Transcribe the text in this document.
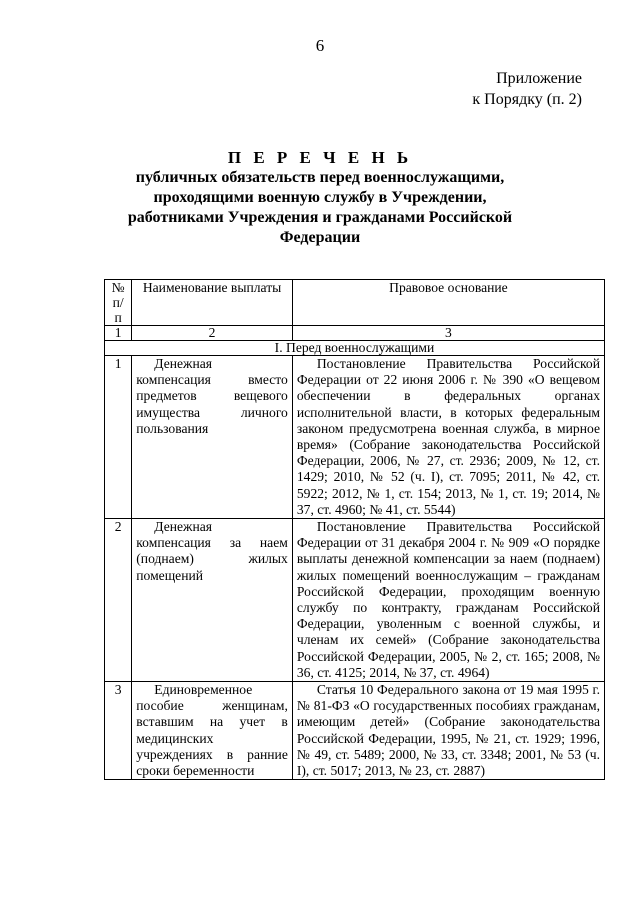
6
Приложение
к Порядку (п. 2)
П Е Р Е Ч Е Н Ь
публичных обязательств перед военнослужащими, проходящими военную службу в Учреждении, работниками Учреждения и гражданами Российской Федерации
№ п/п	Наименование выплаты	Правовое основание
1	2	3
I. Перед военнослужащими		
1	Денежная компенсация вместо предметов вещевого имущества личного пользования	Постановление Правительства Российской Федерации от 22 июня 2006 г. № 390 «О вещевом обеспечении в федеральных органах исполнительной власти, в которых федеральным законом предусмотрена военная служба, в мирное время» (Собрание законодательства Российской Федерации, 2006, № 27, ст. 2936; 2009, № 12, ст. 1429; 2010, № 52 (ч. I), ст. 7095; 2011, № 42, ст. 5922; 2012, № 1, ст. 154; 2013, № 1, ст. 19; 2014, № 37, ст. 4960; № 41, ст. 5544)
2	Денежная компенсация за наем (поднаем) жилых помещений	Постановление Правительства Российской Федерации от 31 декабря 2004 г. № 909 «О порядке выплаты денежной компенсации за наем (поднаем) жилых помещений военнослужащим – гражданам Российской Федерации, проходящим военную службу по контракту, гражданам Российской Федерации, уволенным с военной службы, и членам их семей» (Собрание законодательства Российской Федерации, 2005, № 2, ст. 165; 2008, № 36, ст. 4125; 2014, № 37, ст. 4964)
3	Единовременное пособие женщинам, вставшим на учет в медицинских учреждениях в ранние сроки беременности	Статья 10 Федерального закона от 19 мая 1995 г. № 81-ФЗ «О государственных пособиях гражданам, имеющим детей» (Собрание законодательства Российской Федерации, 1995, № 21, ст. 1929; 1996, № 49, ст. 5489; 2000, № 33, ст. 3348; 2001, № 53 (ч. I), ст. 5017; 2013, № 23, ст. 2887)
